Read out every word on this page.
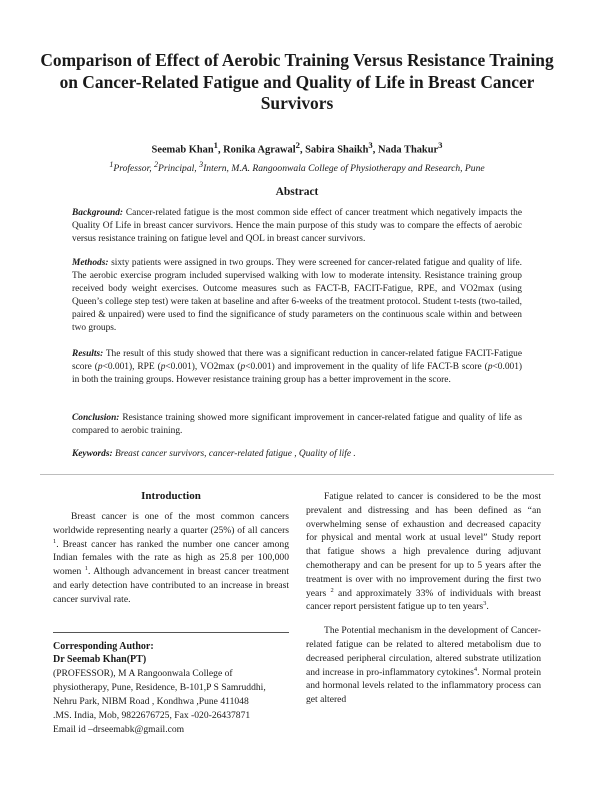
Comparison of Effect of Aerobic Training Versus Resistance Training on Cancer-Related Fatigue and Quality of Life in Breast Cancer Survivors
Seemab Khan$^1$, Ronika Agrawal$^2$, Sabira Shaikh$^3$, Nada Thakur$^3$
$^1$Professor, $^2$Principal, $^3$Intern, M.A. Rangoonwala College of Physiotherapy and Research, Pune
Abstract

Background: Cancer-related fatigue is the most common side effect of cancer treatment which negatively impacts the Quality Of Life in breast cancer survivors. Hence the main purpose of this study was to compare the effects of aerobic versus resistance training on fatigue level and QOL in breast cancer survivors.

Methods: sixty patients were assigned in two groups. They were screened for cancer-related fatigue and quality of life. The aerobic exercise program included supervised walking with low to moderate intensity. Resistance training group received body weight exercises. Outcome measures such as FACT-B, FACIT-Fatigue, RPE, and VO2max (using Queen’s college step test) were taken at baseline and after 6-weeks of the treatment protocol. Student t-tests (two-tailed, paired & unpaired) were used to find the significance of study parameters on the continuous scale within and between two groups.

Results: The result of this study showed that there was a significant reduction in cancer-related fatigue FACIT-Fatigue score (p<0.001), RPE (p<0.001), VO2max (p<0.001) and improvement in the quality of life FACT-B score (p<0.001) in both the training groups. However resistance training group has a better improvement in the score.

Conclusion: Resistance training showed more significant improvement in cancer-related fatigue and quality of life as compared to aerobic training.

Keywords: Breast cancer survivors, cancer-related fatigue , Quality of life .

Introduction

Breast cancer is one of the most common cancers worldwide representing nearly a quarter (25%) of all cancers $^1$. Breast cancer has ranked the number one cancer among Indian females with the rate as high as 25.8 per 100,000 women $^1$. Although advancement in breast cancer treatment and early detection have contributed to an increase in breast cancer survival rate.

Corresponding Author:
Dr Seemab Khan(PT)
(PROFESSOR), M A Rangoonwala College of
physiotherapy, Pune, Residence, B-101,P S Samruddhi,
Nehru Park, NIBM Road , Kondhwa ,Pune 411048
.MS. India, Mob, 9822676725, Fax -020-26437871
Email id –drseemabk@gmail.com

Fatigue related to cancer is considered to be the most prevalent and distressing and has been defined as “an overwhelming sense of exhaustion and decreased capacity for physical and mental work at usual level” Study report that fatigue shows a high prevalence during adjuvant chemotherapy and can be present for up to 5 years after the treatment is over with no improvement during the first two years $^2$ and approximately 33% of individuals with breast cancer report persistent fatigue up to ten years$^3$.

The Potential mechanism in the development of Cancer-related fatigue can be related to altered metabolism due to decreased peripheral circulation, altered substrate utilization and increase in pro-inflammatory cytokines$^4$. Normal protein and hormonal levels related to the inflammatory process can get altered
